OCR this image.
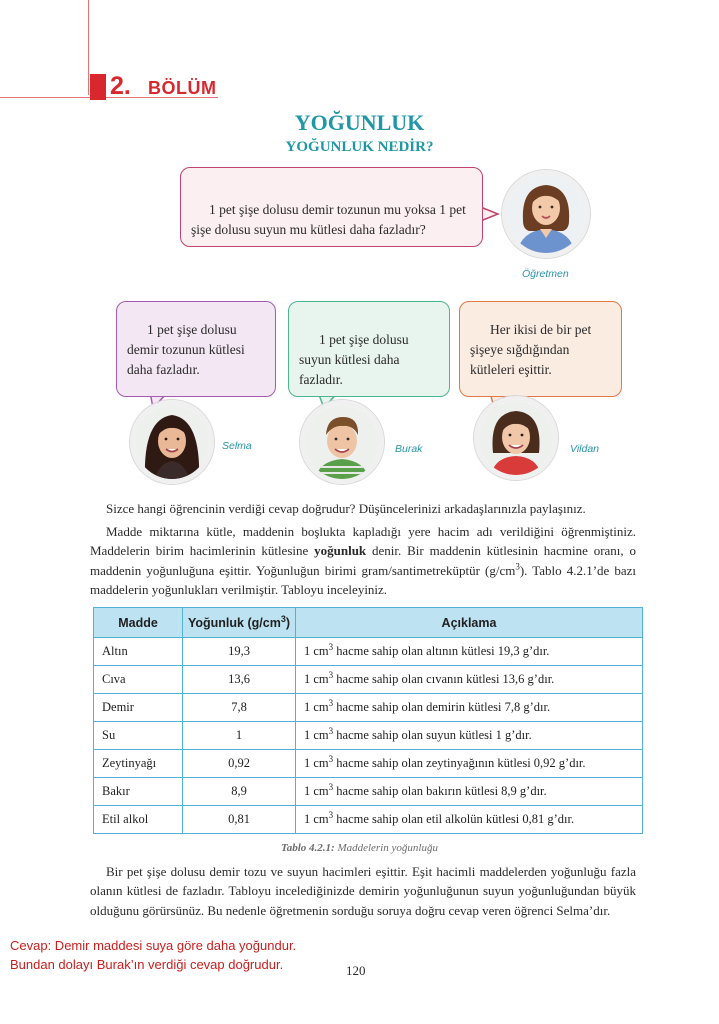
2. BÖLÜM
YOĞUNLUK
YOĞUNLUK NEDİR?
1 pet şişe dolusu demir tozunun mu yoksa 1 pet şişe dolusu suyun mu kütlesi daha fazladır?
1 pet şişe dolusu demir tozunun kütlesi daha fazladır.
1 pet şişe dolusu suyun kütlesi daha fazladır.
Her ikisi de bir pet şişeye sığdığından kütleleri eşittir.
Öğretmen
Selma	Burak	Vildan
Sizce hangi öğrencinin verdiği cevap doğrudur? Düşüncelerinizi arkadaşlarınızla paylaşınız.
Madde miktarına kütle, maddenin boşlukta kapladığı yere hacim adı verildiğini öğrenmiştiniz. Maddelerin birim hacimlerinin kütlesine yoğunluk denir. Bir maddenin kütlesinin hacmine oranı, o maddenin yoğunluğuna eşittir. Yoğunluğun birimi gram/santimetreküptür $(g/cm^3)$. Tablo 4.2.1’de bazı maddelerin yoğunlukları verilmiştir. Tabloyu inceleyiniz.
Madde	Yoğunluk $(g/cm^3)$	Açıklama
Altın	19,3	1 $cm^3$ hacme sahip olan altının kütlesi 19,3 g’dır.
Cıva	13,6	1 $cm^3$ hacme sahip olan cıvanın kütlesi 13,6 g’dır.
Demir	7,8	1 $cm^3$ hacme sahip olan demirin kütlesi 7,8 g’dır.
Su	1	1 $cm^3$ hacme sahip olan suyun kütlesi 1 g’dır.
Zeytinyağı	0,92	1 $cm^3$ hacme sahip olan zeytinyağının kütlesi 0,92 g’dır.
Bakır	8,9	1 $cm^3$ hacme sahip olan bakırın kütlesi 8,9 g’dır.
Etil alkol	0,81	1 $cm^3$ hacme sahip olan etil alkolün kütlesi 0,81 g’dır.
Tablo 4.2.1: Maddelerin yoğunluğu
Bir pet şişe dolusu demir tozu ve suyun hacimleri eşittir. Eşit hacimli maddelerden yoğunluğu fazla olanın kütlesi de fazladır. Tabloyu incelediğinizde demirin yoğunluğunun suyun yoğunluğundan büyük olduğunu görürsünüz. Bu nedenle öğretmenin sorduğu soruya doğru cevap veren öğrenci Selma’dır.
Cevap: Demir maddesi suya göre daha yoğundur.
Bundan dolayı Burak’ın verdiği cevap doğrudur.	120
